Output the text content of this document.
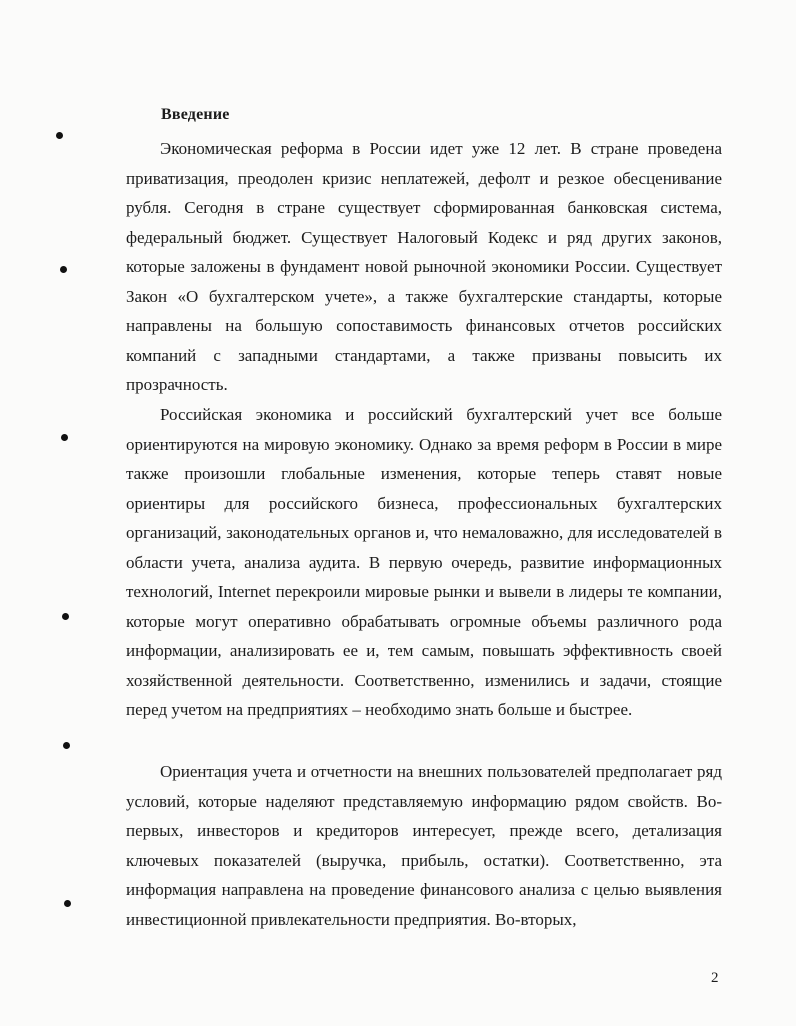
Введение

Экономическая реформа в России идет уже 12 лет. В стране проведена приватизация, преодолен кризис неплатежей, дефолт и резкое обесценивание рубля. Сегодня в стране существует сформированная банковская система, федеральный бюджет. Существует Налоговый Кодекс и ряд других законов, которые заложены в фундамент новой рыночной экономики России. Существует Закон «О бухгалтерском учете», а также бухгалтерские стандарты, которые направлены на большую сопоставимость финансовых отчетов российских компаний с западными стандартами, а также призваны повысить их прозрачность.

Российская экономика и российский бухгалтерский учет все больше ориентируются на мировую экономику. Однако за время реформ в России в мире также произошли глобальные изменения, которые теперь ставят новые ориентиры для российского бизнеса, профессиональных бухгалтерских организаций, законодательных органов и, что немаловажно, для исследователей в области учета, анализа аудита. В первую очередь, развитие информационных технологий, Internet перекроили мировые рынки и вывели в лидеры те компании, которые могут оперативно обрабатывать огромные объемы различного рода информации, анализировать ее и, тем самым, повышать эффективность своей хозяйственной деятельности. Соответственно, изменились и задачи, стоящие перед учетом на предприятиях – необходимо знать больше и быстрее.

Ориентация учета и отчетности на внешних пользователей предполагает ряд условий, которые наделяют представляемую информацию рядом свойств. Во-первых, инвесторов и кредиторов интересует, прежде всего, детализация ключевых показателей (выручка, прибыль, остатки). Соответственно, эта информация направлена на проведение финансового анализа с целью выявления инвестиционной привлекательности предприятия. Во-вторых,

2
